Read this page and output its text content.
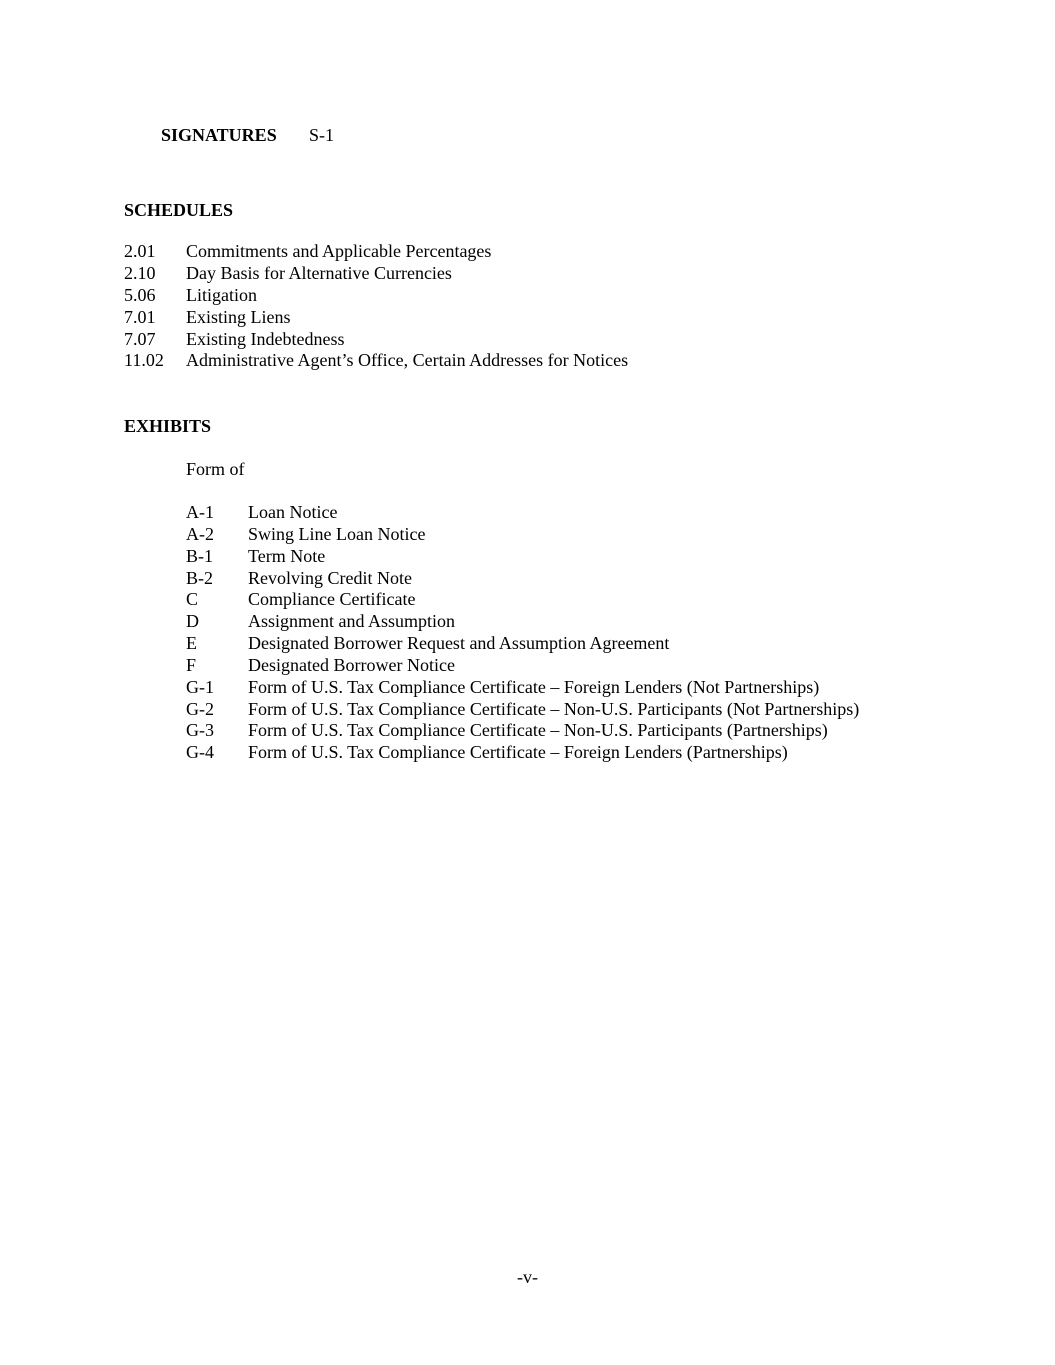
SIGNATURES S-1
SCHEDULES
2.01 Commitments and Applicable Percentages
2.10 Day Basis for Alternative Currencies
5.06 Litigation
7.01 Existing Liens
7.07 Existing Indebtedness
11.02 Administrative Agent’s Office, Certain Addresses for Notices
EXHIBITS
Form of
A-1 Loan Notice
A-2 Swing Line Loan Notice
B-1 Term Note
B-2 Revolving Credit Note
C	Compliance Certificate
D	Assignment and Assumption
E	Designated Borrower Request and Assumption Agreement
F	Designated Borrower Notice
G-1 Form of U.S. Tax Compliance Certificate – Foreign Lenders (Not Partnerships)
G-2 Form of U.S. Tax Compliance Certificate – Non-U.S. Participants (Not Partnerships)
G-3 Form of U.S. Tax Compliance Certificate – Non-U.S. Participants (Partnerships)
G-4 Form of U.S. Tax Compliance Certificate – Foreign Lenders (Partnerships)
-v-
